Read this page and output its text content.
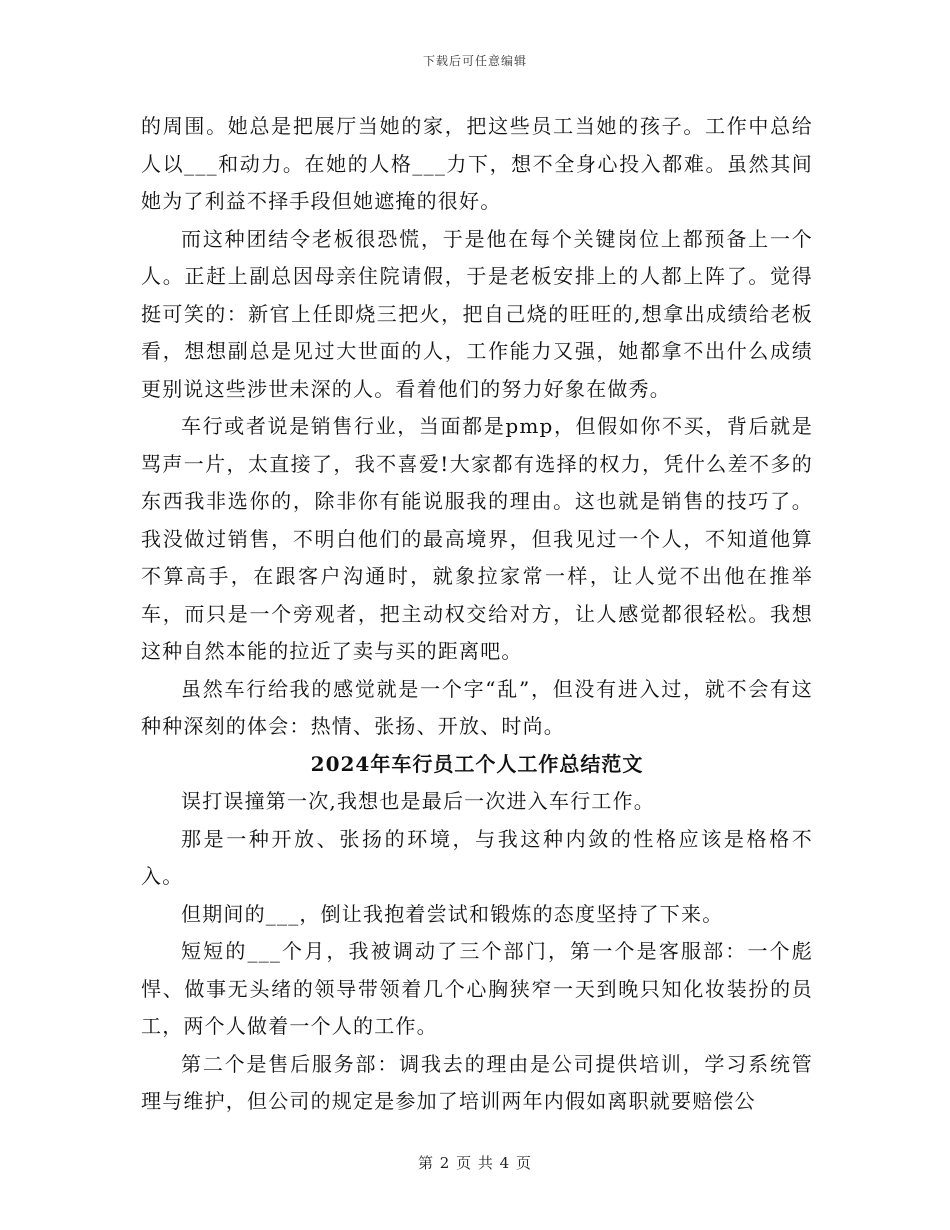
下载后可任意编辑

的周围。她总是把展厅当她的家，把这些员工当她的孩子。工作中总给人以___和动力。在她的人格___力下，想不全身心投入都难。虽然其间她为了利益不择手段但她遮掩的很好。

而这种团结令老板很恐慌，于是他在每个关键岗位上都预备上一个人。正赶上副总因母亲住院请假，于是老板安排上的人都上阵了。觉得挺可笑的：新官上任即烧三把火，把自己烧的旺旺的,想拿出成绩给老板看，想想副总是见过大世面的人，工作能力又强，她都拿不出什么成绩更别说这些涉世未深的人。看着他们的努力好象在做秀。

车行或者说是销售行业，当面都是pmp，但假如你不买，背后就是骂声一片，太直接了，我不喜爱!大家都有选择的权力，凭什么差不多的东西我非选你的，除非你有能说服我的理由。这也就是销售的技巧了。我没做过销售，不明白他们的最高境界，但我见过一个人，不知道他算不算高手，在跟客户沟通时，就象拉家常一样，让人觉不出他在推举车，而只是一个旁观者，把主动权交给对方，让人感觉都很轻松。我想这种自然本能的拉近了卖与买的距离吧。

虽然车行给我的感觉就是一个字“乱”，但没有进入过，就不会有这种种深刻的体会：热情、张扬、开放、时尚。

2024年车行员工个人工作总结范文

误打误撞第一次,我想也是最后一次进入车行工作。

那是一种开放、张扬的环境，与我这种内敛的性格应该是格格不入。

但期间的___，倒让我抱着尝试和锻炼的态度坚持了下来。

短短的___个月，我被调动了三个部门，第一个是客服部：一个彪悍、做事无头绪的领导带领着几个心胸狭窄一天到晚只知化妆装扮的员工，两个人做着一个人的工作。

第二个是售后服务部：调我去的理由是公司提供培训，学习系统管理与维护，但公司的规定是参加了培训两年内假如离职就要赔偿公

第 2 页 共 4 页
